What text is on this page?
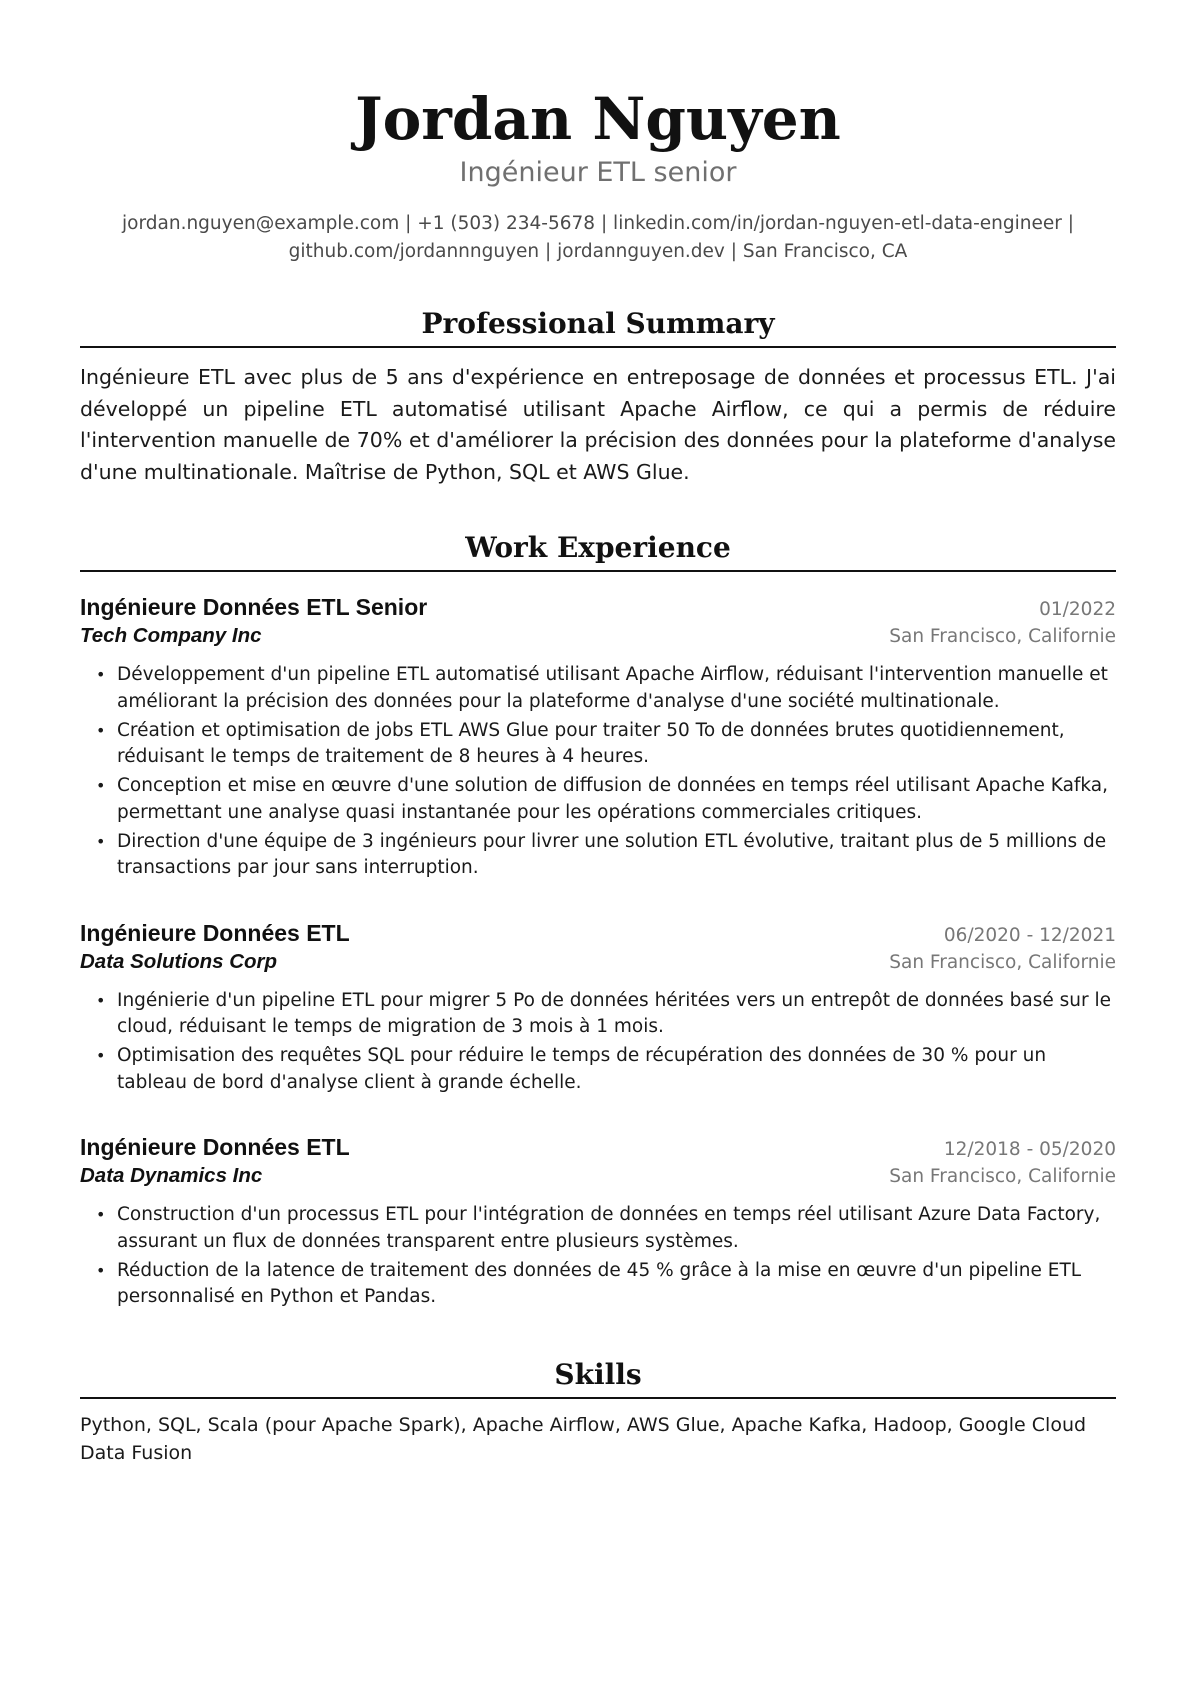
Jordan Nguyen
Ingénieur ETL senior
jordan.nguyen@example.com | +1 (503) 234-5678 | linkedin.com/in/jordan-nguyen-etl-data-engineer |
github.com/jordannnguyen | jordannguyen.dev | San Francisco, CA
Professional Summary

Ingénieure ETL avec plus de 5 ans d'expérience en entreposage de données et processus ETL. J'ai développé un pipeline ETL automatisé utilisant Apache Airflow, ce qui a permis de réduire l'intervention manuelle de 70% et d'améliorer la précision des données pour la plateforme d'analyse d'une multinationale. Maîtrise de Python, SQL et AWS Glue.

Work Experience
Ingénieure Données ETL Senior	01/2022
Tech Company Inc	San Francisco, Californie
• Développement d'un pipeline ETL automatisé utilisant Apache Airflow, réduisant l'intervention manuelle et améliorant la précision des données pour la plateforme d'analyse d'une société multinationale.
• Création et optimisation de jobs ETL AWS Glue pour traiter 50 To de données brutes quotidiennement, réduisant le temps de traitement de 8 heures à 4 heures.
• Conception et mise en œuvre d'une solution de diffusion de données en temps réel utilisant Apache Kafka, permettant une analyse quasi instantanée pour les opérations commerciales critiques.
• Direction d'une équipe de 3 ingénieurs pour livrer une solution ETL évolutive, traitant plus de 5 millions de transactions par jour sans interruption.
Ingénieure Données ETL	06/2020 - 12/2021
Data Solutions Corp	San Francisco, Californie
• Ingénierie d'un pipeline ETL pour migrer 5 Po de données héritées vers un entrepôt de données basé sur le cloud, réduisant le temps de migration de 3 mois à 1 mois.
• Optimisation des requêtes SQL pour réduire le temps de récupération des données de 30 % pour un tableau de bord d'analyse client à grande échelle.
Ingénieure Données ETL	12/2018 - 05/2020
Data Dynamics Inc	San Francisco, Californie
• Construction d'un processus ETL pour l'intégration de données en temps réel utilisant Azure Data Factory, assurant un flux de données transparent entre plusieurs systèmes.
• Réduction de la latence de traitement des données de 45 % grâce à la mise en œuvre d'un pipeline ETL personnalisé en Python et Pandas.
Skills
Python, SQL, Scala (pour Apache Spark), Apache Airflow, AWS Glue, Apache Kafka, Hadoop, Google Cloud Data Fusion
